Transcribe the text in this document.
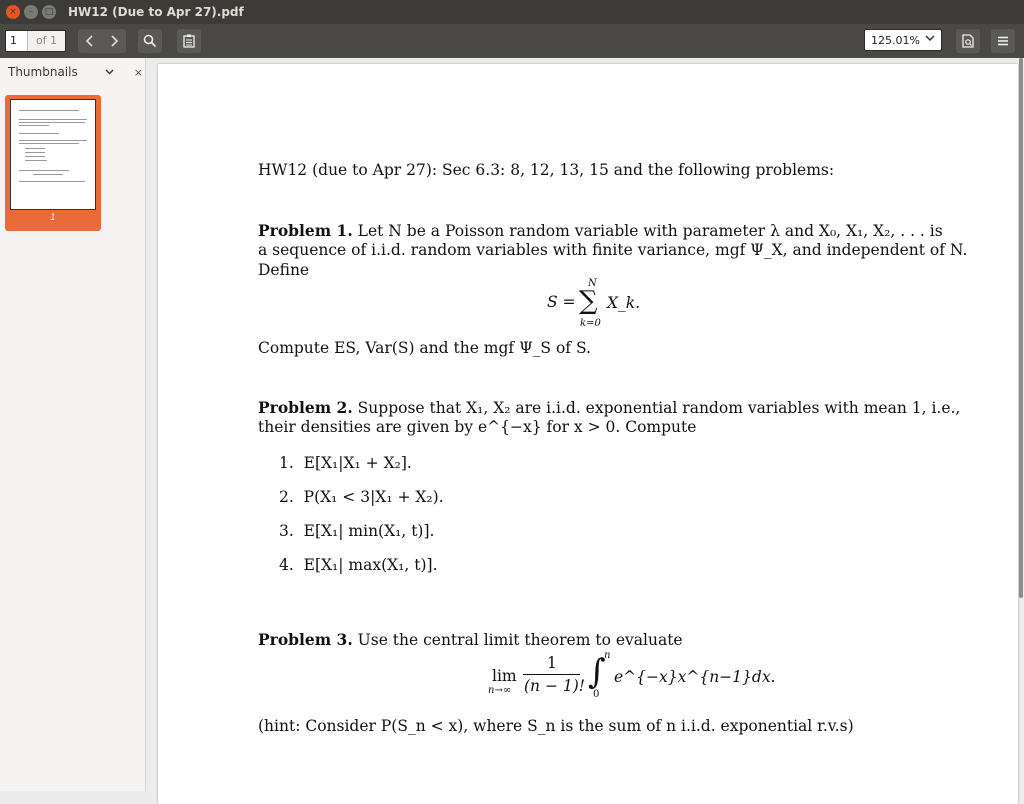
×	–	□ HW12 (Due to Apr 27).pdf
1	of 1	125.01%
Thumbnails	×
1
HW12 (due to Apr 27): Sec 6.3: 8, 12, 13, 15 and the following problems:
Problem 1. Let N be a Poisson random variable with parameter λ and X₀, X₁, X₂, . . . is
a sequence of i.i.d. random variables with finite variance, mgf Ψ_X, and independent of N.
Define
S =
N
∑
k=0
X_k.
Compute ES, Var(S) and the mgf Ψ_S of S.
Problem 2. Suppose that X₁, X₂ are i.i.d. exponential random variables with mean 1, i.e.,
their densities are given by e^{−x} for x > 0. Compute
1.  E[X₁|X₁ + X₂].
2.  P(X₁ < 3|X₁ + X₂).
3.  E[X₁| min(X₁, t)].
4.  E[X₁| max(X₁, t)].
Problem 3. Use the central limit theorem to evaluate
lim
n→∞
1
(n − 1)! ∫
n
0
e^{−x}x^{n−1}dx.
(hint: Consider P(S_n < x), where S_n is the sum of n i.i.d. exponential r.v.s)
